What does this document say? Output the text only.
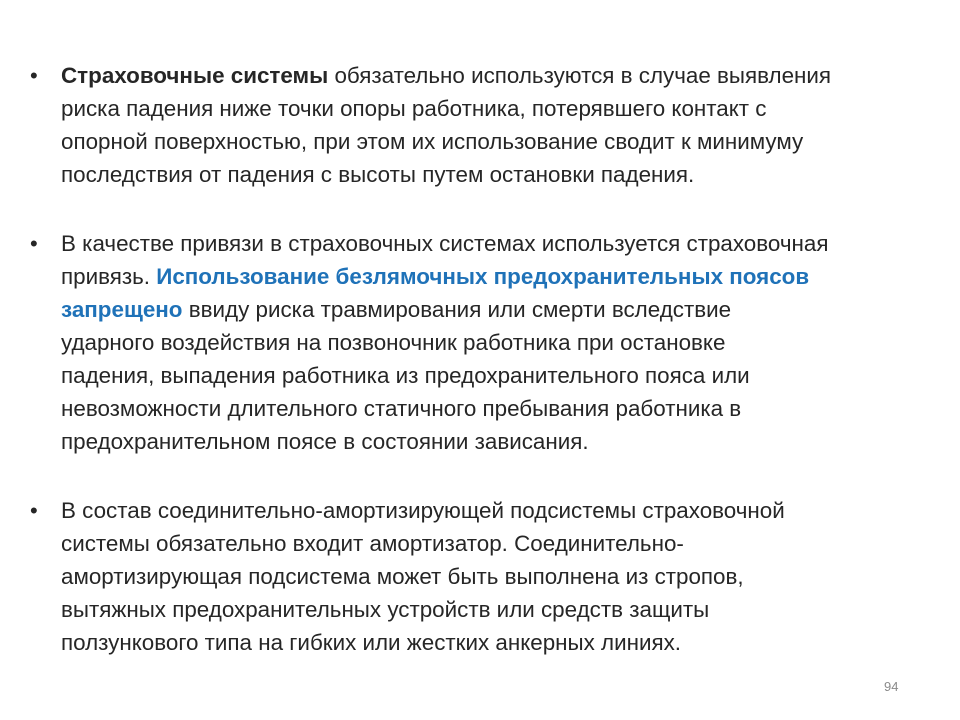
• Страховочные системы обязательно используются в случае выявления
риска падения ниже точки опоры работника, потерявшего контакт с
опорной поверхностью, при этом их использование сводит к минимуму
последствия от падения с высоты путем остановки падения.
• В качестве привязи в страховочных системах используется страховочная
привязь. Использование безлямочных предохранительных поясов
запрещено ввиду риска травмирования или смерти вследствие
ударного воздействия на позвоночник работника при остановке
падения, выпадения работника из предохранительного пояса или
невозможности длительного статичного пребывания работника в
предохранительном поясе в состоянии зависания.
• В состав соединительно-амортизирующей подсистемы страховочной
системы обязательно входит амортизатор. Соединительно-
амортизирующая подсистема может быть выполнена из стропов,
вытяжных предохранительных устройств или средств защиты
ползункового типа на гибких или жестких анкерных линиях.
94
